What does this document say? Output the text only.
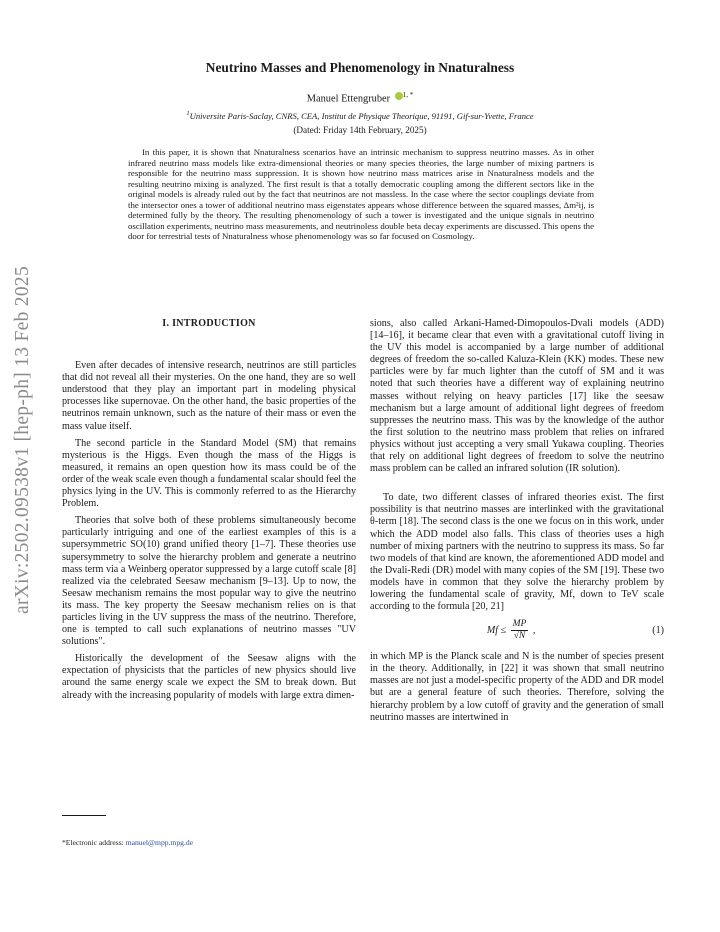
arXiv:2502.09538v1 [hep-ph] 13 Feb 2025
Neutrino Masses and Phenomenology in Nnaturalness
Manuel Ettengruber $^{1, *}$
$^1$Universite Paris-Saclay, CNRS, CEA, Institut de Physique Theorique, 91191, Gif-sur-Yvette, France
(Dated: Friday 14th February, 2025)

In this paper, it is shown that Nnaturalness scenarios have an intrinsic mechanism to suppress neutrino masses. As in other infrared neutrino mass models like extra-dimensional theories or many species theories, the large number of mixing partners is responsible for the neutrino mass suppression. It is shown how neutrino mass matrices arise in Nnaturalness models and the resulting neutrino mixing is analyzed. The first result is that a totally democratic coupling among the different sectors like in the original models is already ruled out by the fact that neutrinos are not massless. In the case where the sector couplings deviate from the intersector ones a tower of additional neutrino mass eigenstates appears whose difference between the squared masses, Δm²ij, is determined fully by the theory. The resulting phenomenology of such a tower is investigated and the unique signals in neutrino oscillation experiments, neutrino mass measurements, and neutrinoless double beta decay experiments are discussed. This opens the door for terrestrial tests of Nnaturalness whose phenomenology was so far focused on Cosmology.

I. INTRODUCTION

Even after decades of intensive research, neutrinos are still particles that did not reveal all their mysteries. On the one hand, they are so well understood that they play an important part in modeling physical processes like supernovae. On the other hand, the basic properties of the neutrinos remain unknown, such as the nature of their mass or even the mass value itself.

The second particle in the Standard Model (SM) that remains mysterious is the Higgs. Even though the mass of the Higgs is measured, it remains an open question how its mass could be of the order of the weak scale even though a fundamental scalar should feel the physics lying in the UV. This is commonly referred to as the Hierarchy Problem.

Theories that solve both of these problems simultaneously become particularly intriguing and one of the earliest examples of this is a supersymmetric SO(10) grand unified theory [1–7]. These theories use supersymmetry to solve the hierarchy problem and generate a neutrino mass term via a Weinberg operator suppressed by a large cutoff scale [8] realized via the celebrated Seesaw mechanism [9–13]. Up to now, the Seesaw mechanism remains the most popular way to give the neutrino its mass. The key property the Seesaw mechanism relies on is that particles living in the UV suppress the mass of the neutrino. Therefore, one is tempted to call such explanations of neutrino masses "UV solutions".

Historically the development of the Seesaw aligns with the expectation of physicists that the particles of new physics should live around the same energy scale we expect the SM to break down. But already with the increasing popularity of models with large extra dimen-

sions, also called Arkani-Hamed-Dimopoulos-Dvali models (ADD) [14–16], it became clear that even with a gravitational cutoff living in the UV this model is accompanied by a large number of additional degrees of freedom the so-called Kaluza-Klein (KK) modes. These new particles were by far much lighter than the cutoff of SM and it was noted that such theories have a different way of explaining neutrino masses without relying on heavy particles [17] like the seesaw mechanism but a large amount of additional light degrees of freedom suppresses the neutrino mass. This was by the knowledge of the author the first solution to the neutrino mass problem that relies on infrared physics without just accepting a very small Yukawa coupling. Theories that rely on additional light degrees of freedom to solve the neutrino mass problem can be called an infrared solution (IR solution).

To date, two different classes of infrared theories exist. The first possibility is that neutrino masses are interlinked with the gravitational θ-term [18]. The second class is the one we focus on in this work, under which the ADD model also falls. This class of theories uses a high number of mixing partners with the neutrino to suppress its mass. So far two models of that kind are known, the aforementioned ADD model and the Dvali-Redi (DR) model with many copies of the SM [19]. These two models have in common that they solve the hierarchy problem by lowering the fundamental scale of gravity, Mf, down to TeV scale according to the formula [20, 21]

$Mf \le \frac{MP}{√N}$ ,	(1)

in which MP is the Planck scale and N is the number of species present in the theory. Additionally, in [22] it was shown that small neutrino masses are not just a model-specific property of the ADD and DR model but are a general feature of such theories. Therefore, solving the hierarchy problem by a low cutoff of gravity and the generation of small neutrino masses are intertwined in

*Electronic address: manuel@mpp.mpg.de
